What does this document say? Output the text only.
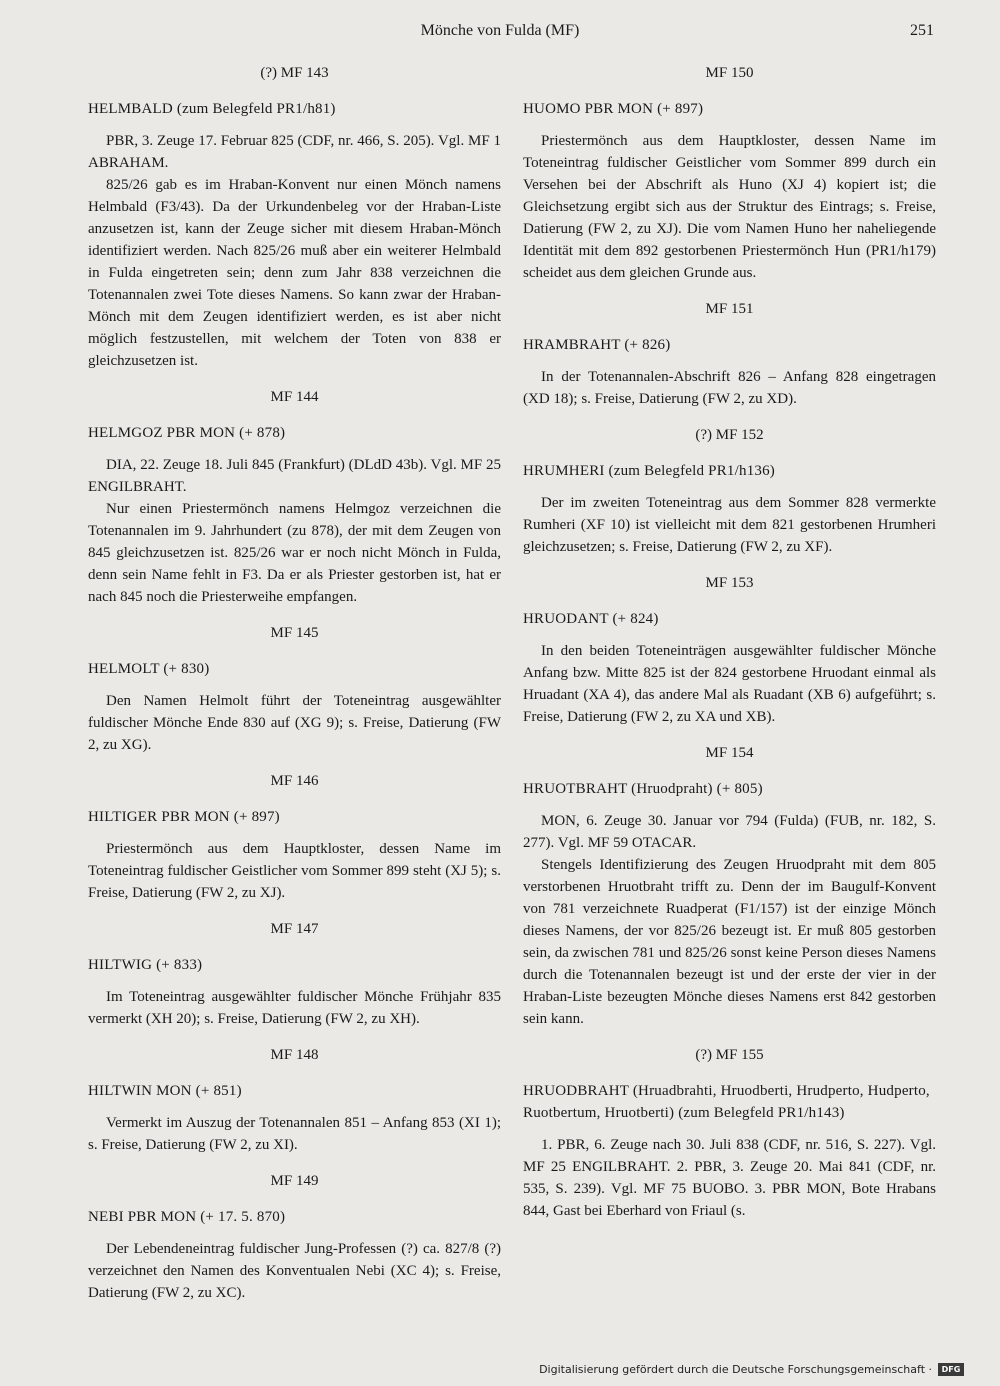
Mönche von Fulda (MF)	251
(?) MF 143
HELMBALD (zum Belegfeld PR1/h81)

PBR, 3. Zeuge 17. Februar 825 (CDF, nr. 466, S. 205). Vgl. MF 1 ABRAHAM.

825/26 gab es im Hraban-Konvent nur einen Mönch namens Helmbald (F3/43). Da der Urkundenbeleg vor der Hraban-Liste anzusetzen ist, kann der Zeuge sicher mit diesem Hraban-Mönch identifiziert werden. Nach 825/26 muß aber ein weiterer Helmbald in Fulda eingetreten sein; denn zum Jahr 838 verzeichnen die Totenannalen zwei Tote dieses Namens. So kann zwar der Hraban-Mönch mit dem Zeugen identifiziert werden, es ist aber nicht möglich festzustellen, mit welchem der Toten von 838 er gleichzusetzen ist.

MF 144
HELMGOZ PBR MON (+ 878)

DIA, 22. Zeuge 18. Juli 845 (Frankfurt) (DLdD 43b). Vgl. MF 25 ENGILBRAHT.

Nur einen Priestermönch namens Helmgoz verzeichnen die Totenannalen im 9. Jahrhundert (zu 878), der mit dem Zeugen von 845 gleichzusetzen ist. 825/26 war er noch nicht Mönch in Fulda, denn sein Name fehlt in F3. Da er als Priester gestorben ist, hat er nach 845 noch die Priesterweihe empfangen.

MF 145
HELMOLT (+ 830)

Den Namen Helmolt führt der Toteneintrag ausgewählter fuldischer Mönche Ende 830 auf (XG 9); s. Freise, Datierung (FW 2, zu XG).

MF 146
HILTIGER PBR MON (+ 897)

Priestermönch aus dem Hauptkloster, dessen Name im Toteneintrag fuldischer Geistlicher vom Sommer 899 steht (XJ 5); s. Freise, Datierung (FW 2, zu XJ).

MF 147
HILTWIG (+ 833)

Im Toteneintrag ausgewählter fuldischer Mönche Frühjahr 835 vermerkt (XH 20); s. Freise, Datierung (FW 2, zu XH).

MF 148
HILTWIN MON (+ 851)

Vermerkt im Auszug der Totenannalen 851 – Anfang 853 (XI 1); s. Freise, Datierung (FW 2, zu XI).

MF 149
NEBI PBR MON (+ 17. 5. 870)

Der Lebendeneintrag fuldischer Jung-Professen (?) ca. 827/8 (?) verzeichnet den Namen des Konventualen Nebi (XC 4); s. Freise, Datierung (FW 2, zu XC).

MF 150
HUOMO PBR MON (+ 897)

Priestermönch aus dem Hauptkloster, dessen Name im Toteneintrag fuldischer Geistlicher vom Sommer 899 durch ein Versehen bei der Abschrift als Huno (XJ 4) kopiert ist; die Gleichsetzung ergibt sich aus der Struktur des Eintrags; s. Freise, Datierung (FW 2, zu XJ). Die vom Namen Huno her naheliegende Identität mit dem 892 gestorbenen Priestermönch Hun (PR1/h179) scheidet aus dem gleichen Grunde aus.

MF 151
HRAMBRAHT (+ 826)

In der Totenannalen-Abschrift 826 – Anfang 828 eingetragen (XD 18); s. Freise, Datierung (FW 2, zu XD).

(?) MF 152
HRUMHERI (zum Belegfeld PR1/h136)

Der im zweiten Toteneintrag aus dem Sommer 828 vermerkte Rumheri (XF 10) ist vielleicht mit dem 821 gestorbenen Hrumheri gleichzusetzen; s. Freise, Datierung (FW 2, zu XF).

MF 153
HRUODANT (+ 824)

In den beiden Toteneinträgen ausgewählter fuldischer Mönche Anfang bzw. Mitte 825 ist der 824 gestorbene Hruodant einmal als Hruadant (XA 4), das andere Mal als Ruadant (XB 6) aufgeführt; s. Freise, Datierung (FW 2, zu XA und XB).

MF 154
HRUOTBRAHT (Hruodpraht) (+ 805)

MON, 6. Zeuge 30. Januar vor 794 (Fulda) (FUB, nr. 182, S. 277). Vgl. MF 59 OTACAR.

Stengels Identifizierung des Zeugen Hruodpraht mit dem 805 verstorbenen Hruotbraht trifft zu. Denn der im Baugulf-Konvent von 781 verzeichnete Ruadperat (F1/157) ist der einzige Mönch dieses Namens, der vor 825/26 bezeugt ist. Er muß 805 gestorben sein, da zwischen 781 und 825/26 sonst keine Person dieses Namens durch die Totenannalen bezeugt ist und der erste der vier in der Hraban-Liste bezeugten Mönche dieses Namens erst 842 gestorben sein kann.

(?) MF 155
HRUODBRAHT (Hruadbrahti, Hruodberti, Hrudperto, Hudperto, Ruotbertum, Hruotberti) (zum Belegfeld PR1/h143)

1. PBR, 6. Zeuge nach 30. Juli 838 (CDF, nr. 516, S. 227). Vgl. MF 25 ENGILBRAHT. 2. PBR, 3. Zeuge 20. Mai 841 (CDF, nr. 535, S. 239). Vgl. MF 75 BUOBO. 3. PBR MON, Bote Hrabans 844, Gast bei Eberhard von Friaul (s.

Digitalisierung gefördert durch die Deutsche Forschungsgemeinschaft ·	DFG
